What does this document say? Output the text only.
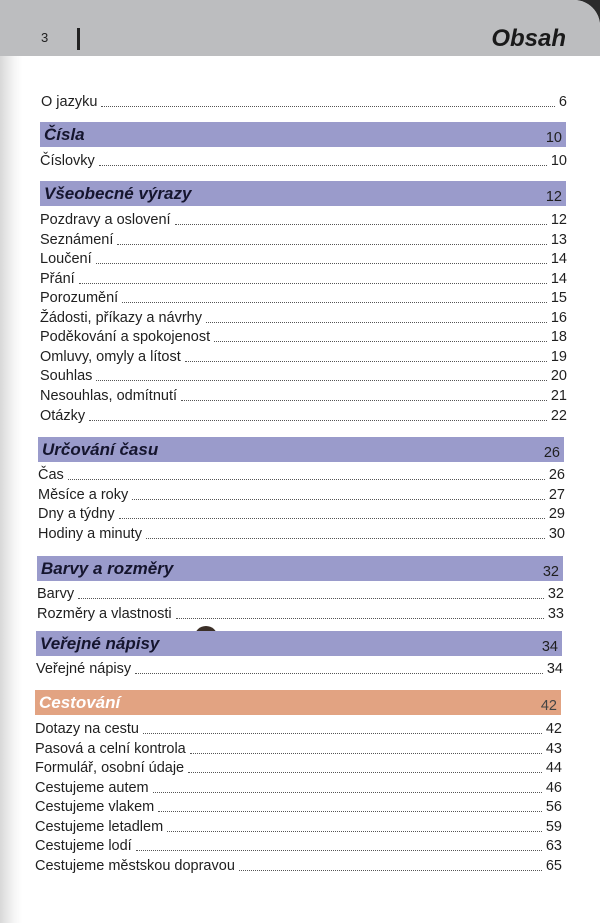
3	Obsah
O jazyku	6
Čísla	10
Číslovky	10
Všeobecné výrazy	12
Pozdravy a oslovení	12
Seznámení	13
Loučení	14
Přání	14
Porozumění	15
Žádosti, příkazy a návrhy	16
Poděkování a spokojenost	18
Omluvy, omyly a lítost	19
Souhlas	20
Nesouhlas, odmítnutí	21
Otázky	22
Určování času	26
Čas	26
Měsíce a roky	27
Dny a týdny	29
Hodiny a minuty	30
Barvy a rozměry	32
Barvy	32
Rozměry a vlastnosti	33
Veřejné nápisy	34
Veřejné nápisy	34
Cestování	42
Dotazy na cestu	42
Pasová a celní kontrola	43
Formulář, osobní údaje	44
Cestujeme autem	46
Cestujeme vlakem	56
Cestujeme letadlem	59
Cestujeme lodí	63
Cestujeme městskou dopravou	65
